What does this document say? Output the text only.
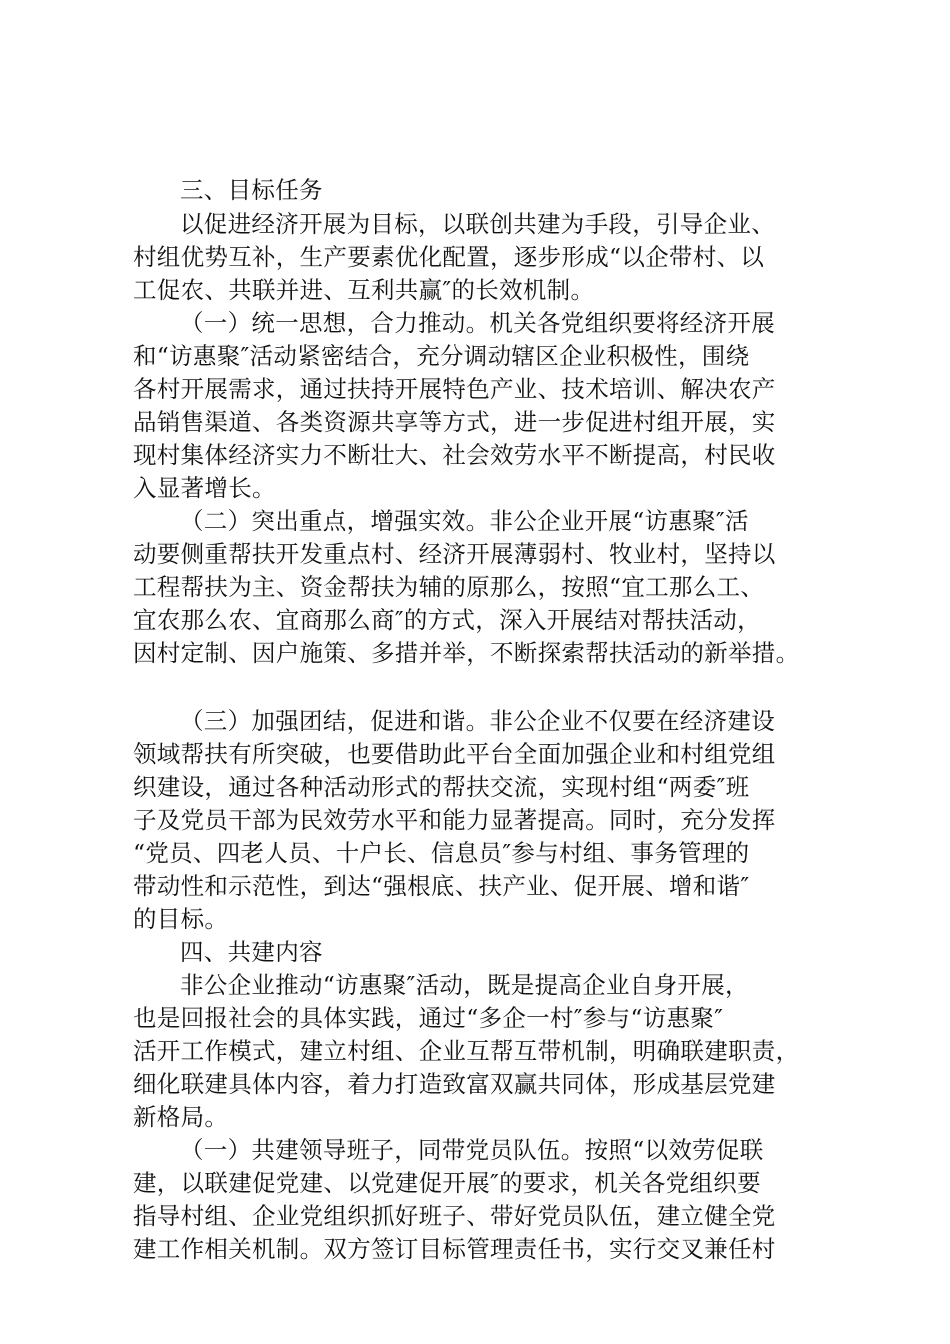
三、目标任务
以促进经济开展为目标，以联创共建为手段，引导企业、
村组优势互补，生产要素优化配置，逐步形成“以企带村、以
工促农、共联并进、互利共赢″的长效机制。
（一）统一思想，合力推动。机关各党组织要将经济开展
和“访惠聚″活动紧密结合，充分调动辖区企业积极性，围绕
各村开展需求，通过扶持开展特色产业、技术培训、解决农产
品销售渠道、各类资源共享等方式，进一步促进村组开展，实
现村集体经济实力不断壮大、社会效劳水平不断提高，村民收
入显著增长。
（二）突出重点，增强实效。非公企业开展“访惠聚″活
动要侧重帮扶开发重点村、经济开展薄弱村、牧业村，坚持以
工程帮扶为主、资金帮扶为辅的原那么，按照“宜工那么工、
宜农那么农、宜商那么商″的方式，深入开展结对帮扶活动，
因村定制、因户施策、多措并举，不断探索帮扶活动的新举措。
（三）加强团结，促进和谐。非公企业不仅要在经济建设
领域帮扶有所突破，也要借助此平台全面加强企业和村组党组
织建设，通过各种活动形式的帮扶交流，实现村组“两委″班
子及党员干部为民效劳水平和能力显著提高。同时，充分发挥
“党员、四老人员、十户长、信息员″参与村组、事务管理的
带动性和示范性，到达“强根底、扶产业、促开展、增和谐″
的目标。
四、共建内容
非公企业推动“访惠聚″活动，既是提高企业自身开展，
也是回报社会的具体实践，通过“多企一村″参与“访惠聚″
活开工作模式，建立村组、企业互帮互带机制，明确联建职责，
细化联建具体内容，着力打造致富双赢共同体，形成基层党建
新格局。
（一）共建领导班子，同带党员队伍。按照“以效劳促联
建，以联建促党建、以党建促开展″的要求，机关各党组织要
指导村组、企业党组织抓好班子、带好党员队伍，建立健全党
建工作相关机制。双方签订目标管理责任书，实行交叉兼任村
